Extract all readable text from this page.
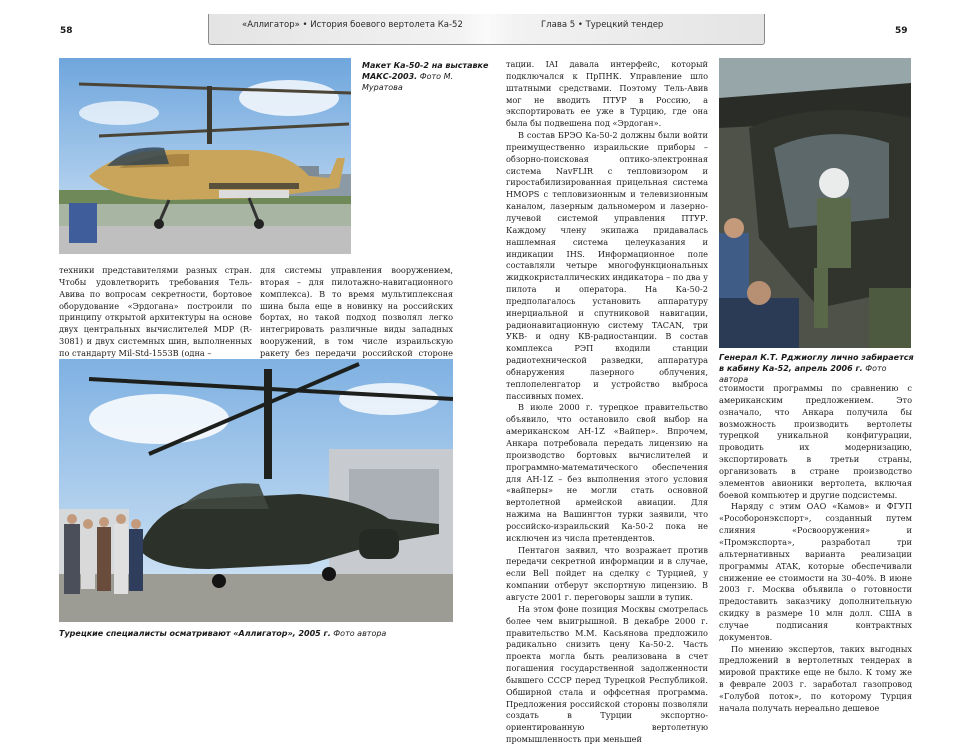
58	59
«Аллигатор» • История боевого вертолета Ка-52	Глава 5 • Турецкий тендер
Макет Ка-50-2 на выставке МАКС-2003. Фото М. Муратова

техники представителями разных стран. Чтобы удовлетворить требования Тель-Авива по вопросам секретности, бортовое оборудование «Эрдогана» построили по принципу открытой архитектуры на основе двух центральных вычислителей MDP (R-3081) и двух системных шин, выполненных по стандарту Mil-Std-1553B (одна –

для системы управления вооружением, вторая – для пилотажно-навигационного комплекса). В то время мультиплексная шина была еще в новинку на российских бортах, но такой подход позволял легко интегрировать различные виды западных вооружений, в том числе израильскую ракету без передачи российской стороне

Турецкие специалисты осматривают «Аллигатор», 2005 г. Фото автора

тации. IAI давала интерфейс, который подключался к ПрПНК. Управление шло штатными средствами. Поэтому Тель-Авив мог не вводить ПТУР в Россию, а экспортировать ее уже в Турцию, где она была бы подвешена под «Эрдоган».

В состав БРЭО Ка-50-2 должны были войти преимущественно израильские приборы – обзорно-поисковая оптико-электронная система NavFLIR с тепловизором и гиростабилизированная прицельная система HMOPS с тепловизионным и телевизионным каналом, лазерным дальномером и лазерно-лучевой системой управления ПТУР. Каждому члену экипажа придавалась нашлемная система целеуказания и индикации IHS. Информационное поле составляли четыре многофункциональных жидкокристаллических индикатора – по два у пилота и оператора. На Ка-50-2 предполагалось установить аппаратуру инерциальной и спутниковой навигации, радионавигационную систему TACAN, три УКВ- и одну КВ-радиостанции. В состав комплекса РЭП входили станции радиотехнической разведки, аппаратура обнаружения лазерного облучения, теплопеленгатор и устройство выброса пассивных помех.

В июле 2000 г. турецкое правительство объявило, что остановило свой выбор на американском AH-1Z «Вайпер». Впрочем, Анкара потребовала передать лицензию на производство бортовых вычислителей и программно-математического обеспечения для AH-1Z – без выполнения этого условия «вайперы» не могли стать основной вертолетной армейской авиации. Для нажима на Вашингтон турки заявили, что российско-израильский Ка-50-2 пока не исключен из числа претендентов.

Пентагон заявил, что возражает против передачи секретной информации и в случае, если Bell пойдет на сделку с Турцией, у компании отберут экспортную лицензию. В августе 2001 г. переговоры зашли в тупик.

На этом фоне позиция Москвы смотрелась более чем выигрышной. В декабре 2000 г. правительство М.М. Касьянова предложило радикально снизить цену Ка-50-2. Часть проекта могла быть реализована в счет погашения государственной задолженности бывшего СССР перед Турецкой Республикой. Обширной стала и оффсетная программа. Предложения российской стороны позволяли создать в Турции экспортно-ориентированную вертолетную промышленность при меньшей

Генерал К.Т. Рджиоглу лично забирается в кабину Ка-52, апрель 2006 г. Фото автора

стоимости программы по сравнению с американским предложением. Это означало, что Анкара получила бы возможность производить вертолеты турецкой уникальной конфигурации, проводить их модернизацию, экспортировать в третьи страны, организовать в стране производство элементов авионики вертолета, включая боевой компьютер и другие подсистемы.

Наряду с этим ОАО «Камов» и ФГУП «Рособоронэкспорт», созданный путем слияния «Росвооружения» и «Промэкспорта», разработал три альтернативных варианта реализации программы ATAK, которые обеспечивали снижение ее стоимости на 30–40%. В июне 2003 г. Москва объявила о готовности предоставить заказчику дополнительную скидку в размере 10 млн долл. США в случае подписания контрактных документов.

По мнению экспертов, таких выгодных предложений в вертолетных тендерах в мировой практике еще не было. К тому же в феврале 2003 г. заработал газопровод «Голубой поток», по которому Турция начала получать нереально дешевое
